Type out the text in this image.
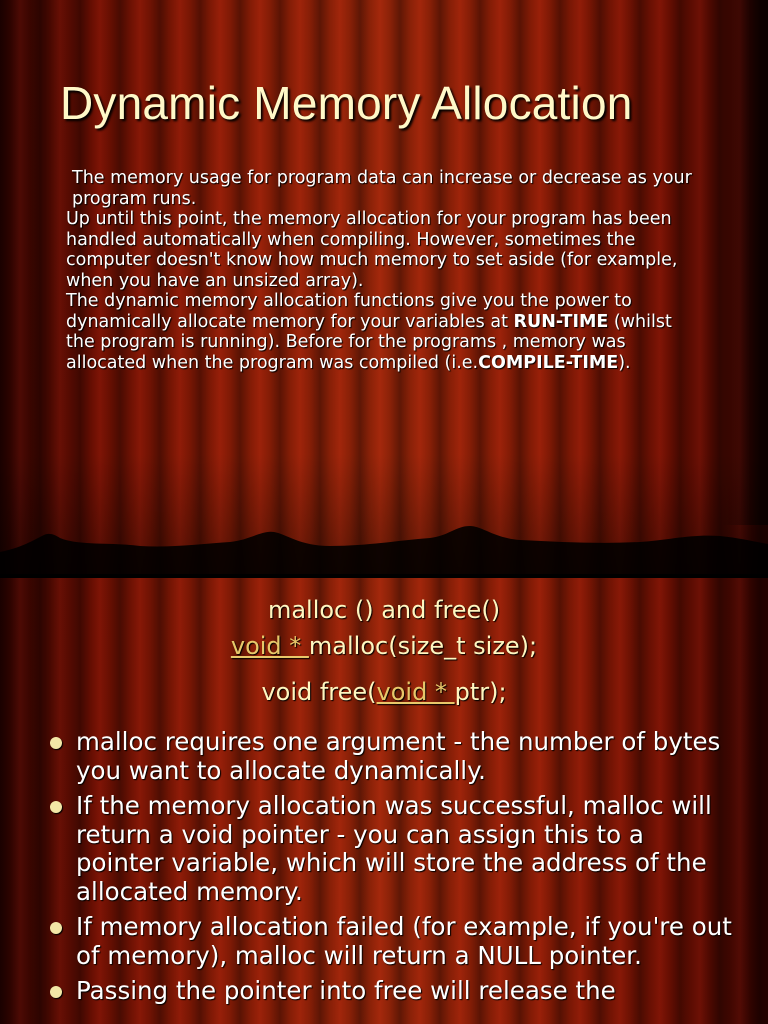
Dynamic Memory Allocation

The memory usage for program data can increase or decrease as your program runs.

Up until this point, the memory allocation for your program has been handled automatically when compiling. However, sometimes the computer doesn't know how much memory to set aside (for example, when you have an unsized array).

The dynamic memory allocation functions give you the power to dynamically allocate memory for your variables at RUN-TIME (whilst the program is running). Before for the programs , memory was allocated when the program was compiled (i.e.COMPILE-TIME).

malloc () and free()
void * malloc(size_t size);
void free(void * ptr);
malloc requires one argument - the number of bytes you want to allocate dynamically.
If the memory allocation was successful, malloc will return a void pointer - you can assign this to a pointer variable, which will store the address of the allocated memory.
If memory allocation failed (for example, if you're out of memory), malloc will return a NULL pointer.
Passing the pointer into free will release the
